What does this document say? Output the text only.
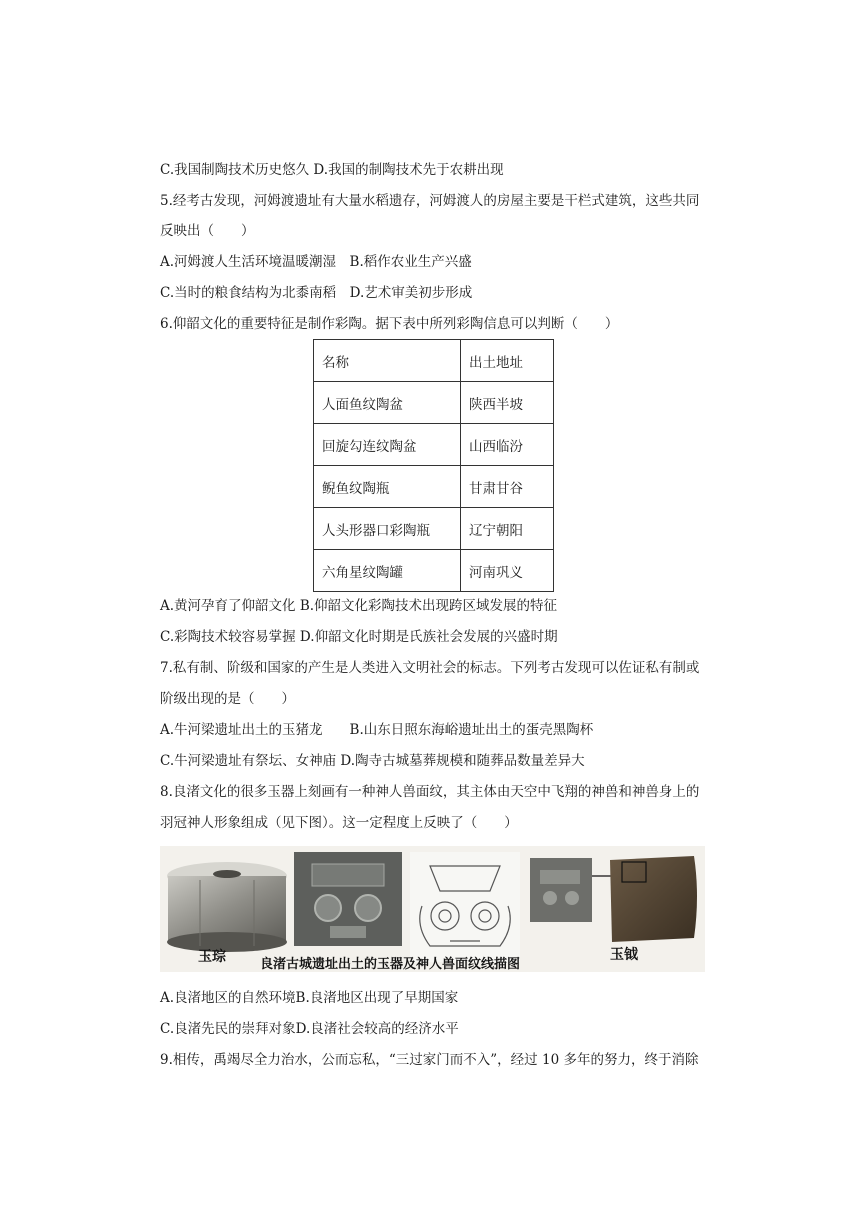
C.我国制陶技术历史悠久 D.我国的制陶技术先于农耕出现
5.经考古发现，河姆渡遗址有大量水稻遗存，河姆渡人的房屋主要是干栏式建筑，这些共同
反映出（　　）
A.河姆渡人生活环境温暖潮湿　B.稻作农业生产兴盛
C.当时的粮食结构为北黍南稻　D.艺术审美初步形成
6.仰韶文化的重要特征是制作彩陶。据下表中所列彩陶信息可以判断（　　）
名称	出土地址
人面鱼纹陶盆	陕西半坡
回旋勾连纹陶盆	山西临汾
鲵鱼纹陶瓶	甘肃甘谷
人头形器口彩陶瓶	辽宁朝阳
六角星纹陶罐	河南巩义
A.黄河孕育了仰韶文化 B.仰韶文化彩陶技术出现跨区域发展的特征
C.彩陶技术较容易掌握 D.仰韶文化时期是氏族社会发展的兴盛时期
7.私有制、阶级和国家的产生是人类进入文明社会的标志。下列考古发现可以佐证私有制或
阶级出现的是（　　）
A.牛河梁遗址出土的玉猪龙　　B.山东日照东海峪遗址出土的蛋壳黑陶杯
C.牛河梁遗址有祭坛、女神庙 D.陶寺古城墓葬规模和随葬品数量差异大
8.良渚文化的很多玉器上刻画有一种神人兽面纹，其主体由天空中飞翔的神兽和神兽身上的
羽冠神人形象组成（见下图）。这一定程度上反映了（　　）
玉琮	良渚古城遗址出土的玉器及神人兽面纹线描图
玉钺
A.良渚地区的自然环境B.良渚地区出现了早期国家
C.良渚先民的崇拜对象D.良渚社会较高的经济水平
9.相传，禹竭尽全力治水，公而忘私，“三过家门而不入”，经过 10 多年的努力，终于消除
